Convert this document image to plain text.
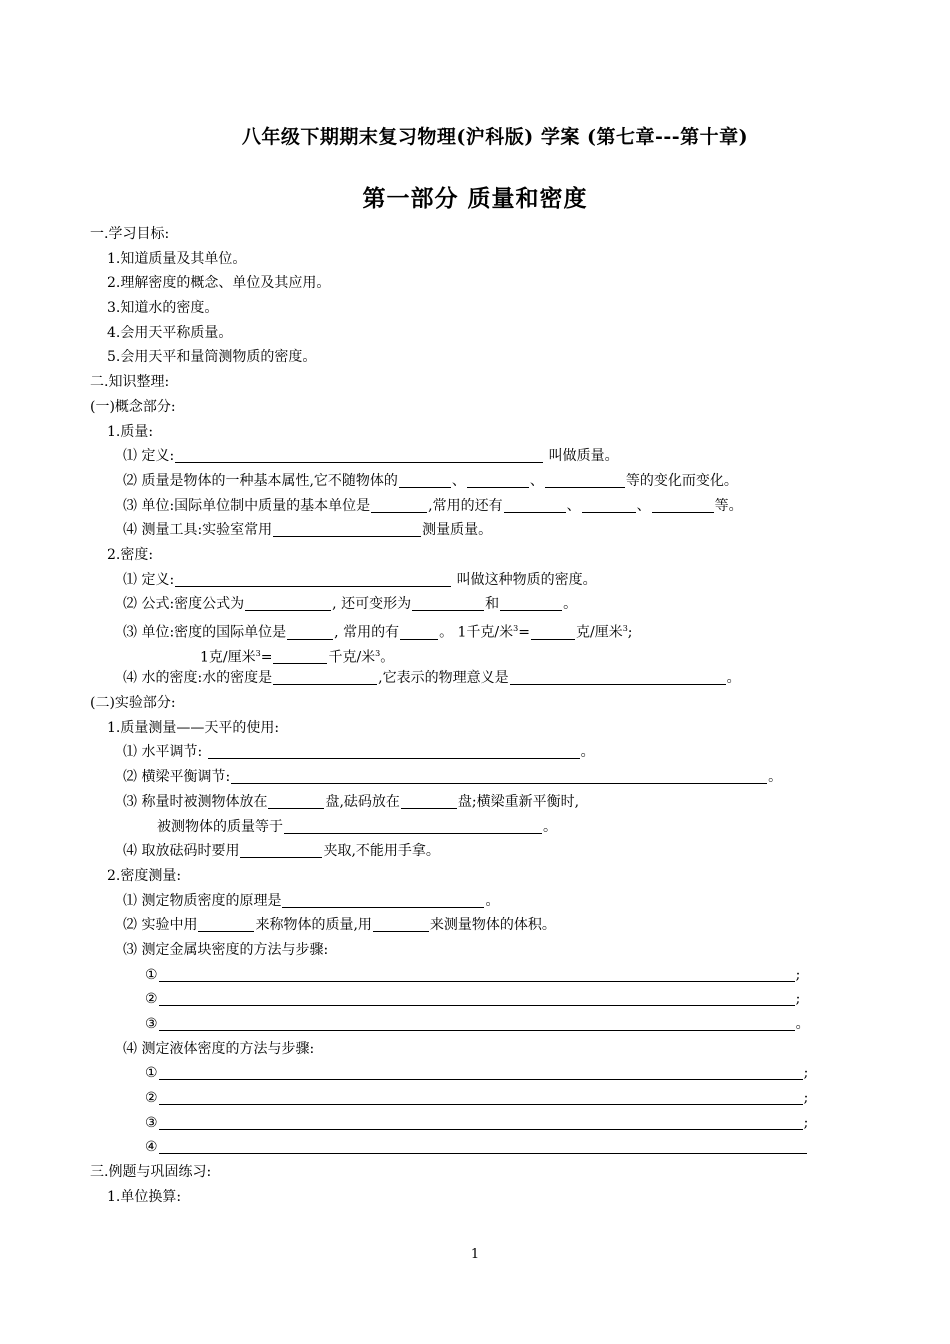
八年级下期期末复习物理(沪科版) 学案 (第七章---第十章)
第一部分 质量和密度
一.学习目标:
1.知道质量及其单位。
2.理解密度的概念、单位及其应用。
3.知道水的密度。
4.会用天平称质量。
5.会用天平和量筒测物质的密度。
二.知识整理:
(一)概念部分:
1.质量:
⑴ 定义:	叫做质量。
⑵ 质量是物体的一种基本属性,它不随物体的	、	、	等的变化而变化。
⑶ 单位:国际单位制中质量的基本单位是	,常用的还有	、	、	等。
⑷ 测量工具:实验室常用	测量质量。
2.密度:
⑴ 定义:	叫做这种物质的密度。
⑵ 公式:密度公式为	, 还可变形为	和	。
⑶ 单位:密度的国际单位是	, 常用的有	。 1千克/米$^3$=	克/厘米$^3$;
1克/厘米$^3$=	千克/米$^3$。
⑷ 水的密度:水的密度是	,它表示的物理意义是	。
(二)实验部分:
1.质量测量——天平的使用:
⑴ 水平调节:	。
⑵ 横梁平衡调节:	。
⑶ 称量时被测物体放在	盘,砝码放在	盘;横梁重新平衡时,
被测物体的质量等于	。
⑷ 取放砝码时要用	夹取,不能用手拿。
2.密度测量:
⑴ 测定物质密度的原理是	。
⑵ 实验中用	来称物体的质量,用	来测量物体的体积。
⑶ 测定金属块密度的方法与步骤:
①	;
②	;
③	。
⑷ 测定液体密度的方法与步骤:
①	;
②	;
③	;
④
三.例题与巩固练习:
1.单位换算:
1
